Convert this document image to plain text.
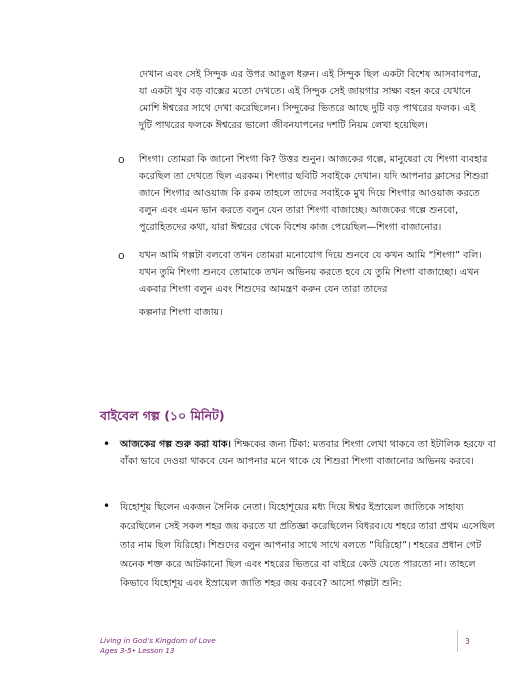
দেখান এবং সেই সিন্দুক এর উপর আঙুল ধরুন। এই সিন্দুক ছিল একটা বিশেষ আসবাবপত্র, যা একটা খুব বড় বাক্সের মতো দেখতে। এই সিন্দুক সেই জায়গার সাক্ষ্য বহন করে যেখানে মোশি ঈশ্বরের সাথে দেখা করেছিলেন। সিন্দুকের ভিতরে আছে দুটি বড় পাথরের ফলক। এই দুটি পাথরের ফলকে ঈশ্বরের ভালো জীবনযাপনের দশটি নিয়ম লেখা হয়েছিল।

o শিংগা। তোমরা কি জানো শিংগা কি? উত্তর শুনুন। আজকের গল্পে, মানুষেরা যে শিংগা ব্যবহার করেছিল তা দেখতে ছিল এরকম। শিংগার ছবিটি সবাইকে দেখান। যদি আপনার ক্লাসের শিশুরা জানে শিংগার আওয়াজ কি রকম তাহলে তাদের সবাইকে মুখ দিয়ে শিংগার আওয়াজ করতে বলুন এবং এমন ভান করতে বলুন যেন তারা শিংগা বাজাচ্ছে। আজকের গল্পে শুনবো, পুরোহিতদের কথা, যারা ঈশ্বরের থেকে বিশেষ কাজ পেয়েছিল—শিংগা বাজানোর।

o যখন আমি গল্পটা বলবো তখন তোমরা মনোযোগ দিয়ে শুনবে যে কখন আমি “শিংগা” বলি। যখন তুমি শিংগা শুনবে তোমাকে তখন অভিনয় করতে হবে যে তুমি শিংগা বাজাচ্ছো। এখন একবার শিংগা বলুন এবং শিশুদের আমন্ত্রণ করুন যেন তারা তাদের

কল্পনার শিংগা বাজায়।

বাইবেল গল্প (১০ মিনিট)
• আজকের গল্প শুরু করা যাক। শিক্ষকের জন্য টিকা: মতবার শিংগা লেখা থাকবে তা ইটালিক হরফে বা বাঁকা ভাবে দেওয়া থাকবে যেন আপনার মনে থাকে যে শিশুরা শিংগা বাজানোর অভিনয় করবে।

• যিহোশূয় ছিলেন একজন সৈনিক নেতা। যিহোশূয়ের মধ্য দিয়ে ঈশ্বর ইস্রায়েল জাতিকে সাহায্য করেছিলেন সেই সকল শহর জয় করতে যা প্রতিজ্ঞা করেছিলেন বিধরব।যে শহরে তারা প্রথম এসেছিল তার নাম ছিল যিরিহো। শিশুদের বলুন আপনার সাথে সাথে বলতে “যিরিহো”। শহরের প্রধান গেট অনেক শক্ত করে আটকানো ছিল এবং শহরের ভিতরে বা বাইরে কেউ যেতে পারতো না। তাহলে কিভাবে যিহোশূয় এবং ইস্রায়েল জাতি শহর জয় করবে? আসো গল্পটা শুনি:

Living in God’s Kingdom of Love
Ages 3-5• Lesson 13
3
